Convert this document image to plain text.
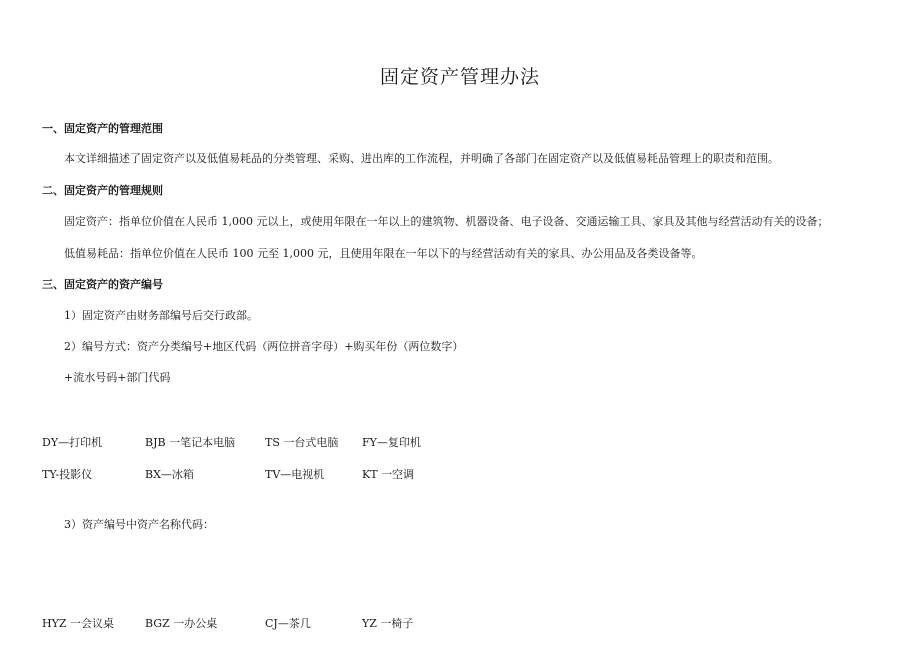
固定资产管理办法
一、固定资产的管理范围
本文详细描述了固定资产以及低值易耗品的分类管理、采购、进出库的工作流程，并明确了各部门在固定资产以及低值易耗品管理上的职责和范围。
二、固定资产的管理规则
固定资产：指单位价值在人民币 1,000 元以上，或使用年限在一年以上的建筑物、机器设备、电子设备、交通运输工具、家具及其他与经营活动有关的设备；
低值易耗品：指单位价值在人民币 100 元至 1,000 元，且使用年限在一年以下的与经营活动有关的家具、办公用品及各类设备等。
三、固定资产的资产编号
1）固定资产由财务部编号后交行政部。
2）编号方式：资产分类编号+地区代码（两位拼音字母）+购买年份（两位数字）
+流水号码+部门代码
DY—打印机	BJB 一笔记本电脑	TS 一台式电脑 FY—复印机
TY-投影仪	BX—冰箱	TV—电视机	KT 一空调
3）资产编号中资产名称代码：
HYZ 一会议桌	BGZ 一办公桌	CJ—茶几	YZ 一椅子
